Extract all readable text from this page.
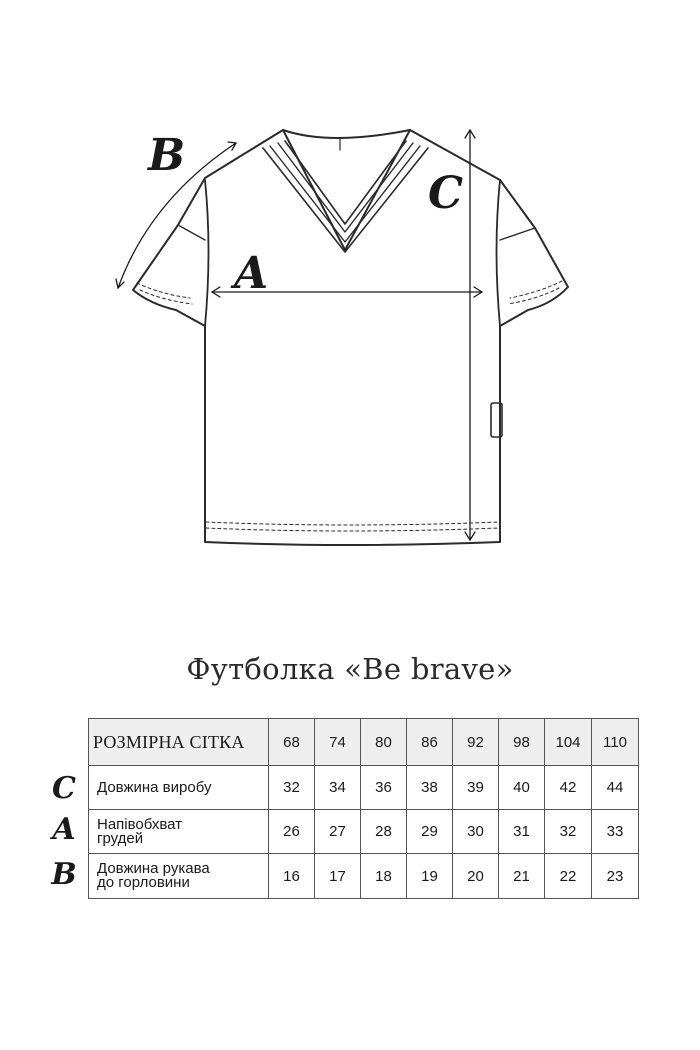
B
C
A
Футболка «Be brave»
C
A
B
РОЗМІРНА СІТКА	68	74	80	86	92	98	104	110

Довжина виробу	32	34	36	38	39	40	42	44

Напівобхват
грудей	26	27	28	29	30	31	32	33

Довжина рукава
до горловини	16	17	18	19	20	21	22	23
